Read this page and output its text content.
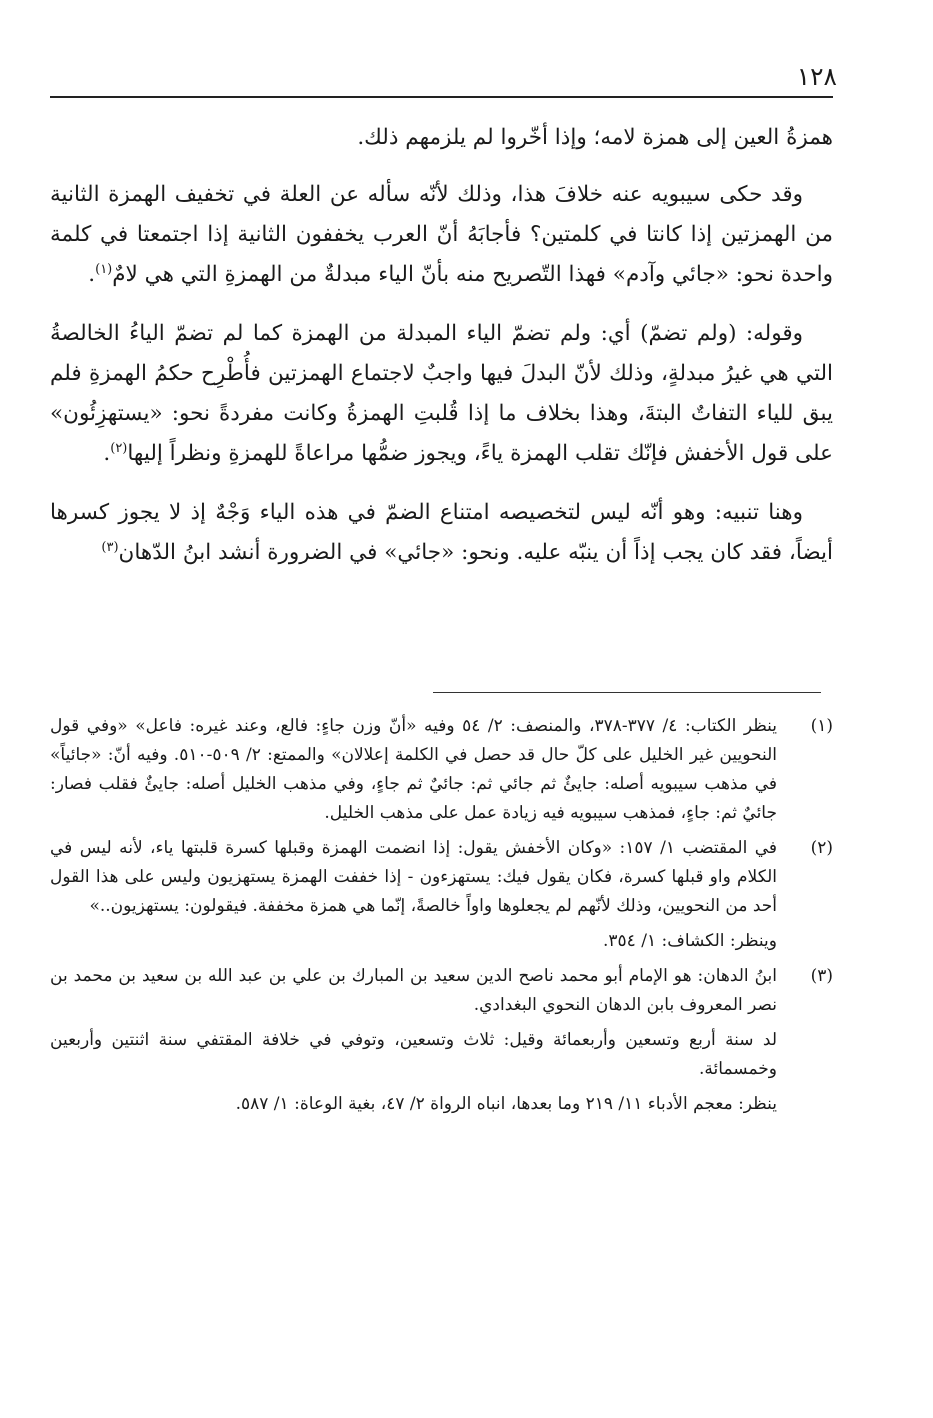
١٢٨

همزةُ العين إلى همزة لامه؛ وإذا أخّروا لم يلزمهم ذلك.

وقد حكى سيبويه عنه خلافَ هذا، وذلك لأنّه سأله عن العلة في تخفيف الهمزة الثانية من الهمزتين إذا كانتا في كلمتين؟ فأجابَهُ أنّ العرب يخففون الثانية إذا اجتمعتا في كلمة واحدة نحو: «جائي وآدم» فهذا التّصريح منه بأنّ الياء مبدلةٌ من الهمزةِ التي هي لامٌ$^{(١)}$.

وقوله: (ولم تضمّ) أي: ولم تضمّ الياء المبدلة من الهمزة كما لم تضمّ الياءُ الخالصةُ التي هي غيرُ مبدلةٍ، وذلك لأنّ البدلَ فيها واجبٌ لاجتماع الهمزتين فأُطْرِح حكمُ الهمزةِ فلم يبق للياء التفاتٌ البتةَ، وهذا بخلاف ما إذا قُلبتِ الهمزةُ وكانت مفردةً نحو: «يستهزِئُون» على قول الأخفش فإنّك تقلب الهمزة ياءً، ويجوز ضمُّها مراعاةً للهمزةِ ونظراً إليها$^{(٢)}$.

وهنا تنبيه: وهو أنّه ليس لتخصيصه امتناع الضمّ في هذه الياء وَجْهٌ إذ لا يجوز كسرها أيضاً، فقد كان يجب إذاً أن ينبّه عليه. ونحو: «جائي» في الضرورة أنشد ابنُ الدّهان$^{(٣)}$

(١)
ينظر الكتاب: ٤/ ٣٧٧-٣٧٨، والمنصف: ٢/ ٥٤ وفيه «أنّ وزن جاءٍ: فالع، وعند غيره: فاعل» «وفي قول النحويين غير الخليل على كلّ حال قد حصل في الكلمة إعلالان» والممتع: ٢/ ٥٠٩-٥١٠. وفيه أنّ: «جائياً» في مذهب سيبويه أصله: جايئٌ ثم جائي ثم: جائيٌ ثم جاءٍ، وفي مذهب الخليل أصله: جايئٌ فقلب فصار: جائيٌ ثم: جاءٍ، فمذهب سيبويه فيه زيادة عمل على مذهب الخليل.
(٢)
في المقتضب ١/ ١٥٧: «وكان الأخفش يقول: إذا انضمت الهمزة وقبلها كسرة قلبتها ياء، لأنه ليس في الكلام واو قبلها كسرة، فكان يقول فيك: يستهزءون - إذا خففت الهمزة يستهزيون وليس على هذا القول أحد من النحويين، وذلك لأنّهم لم يجعلوها واواً خالصةً، إنّما هي همزة مخففة. فيقولون: يستهزيون..»
وينظر: الكشاف: ١/ ٣٥٤.
(٣)
ابنُ الدهان: هو الإمام أبو محمد ناصح الدين سعيد بن المبارك بن علي بن عبد الله بن سعيد بن محمد بن نصر المعروف بابن الدهان النحوي البغدادي.
لد سنة أربع وتسعين وأربعمائة وقيل: ثلاث وتسعين، وتوفي في خلافة المقتفي سنة اثنتين وأربعين وخمسمائة.
ينظر: معجم الأدباء ١١/ ٢١٩ وما بعدها، انباه الرواة ٢/ ٤٧، بغية الوعاة: ١/ ٥٨٧.
